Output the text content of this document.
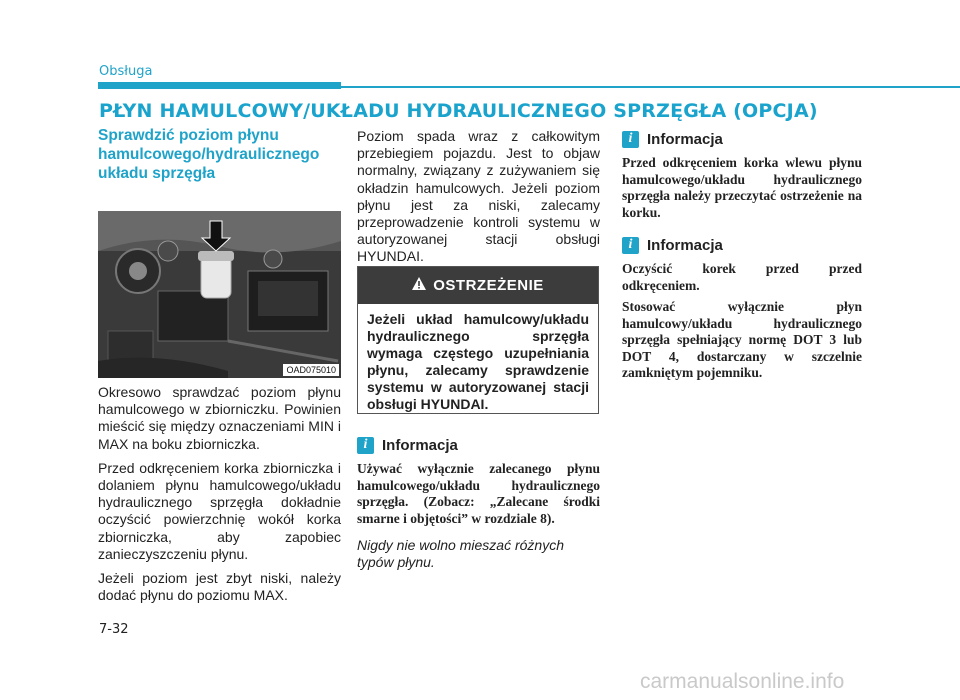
Obsługa
PŁYN HAMULCOWY/UKŁADU HYDRAULICZNEGO SPRZĘGŁA (OPCJA)
Sprawdzić poziom płynu hamulcowego/hydraulicznego układu sprzęgła
OAD075010

Okresowo sprawdzać poziom płynu hamulcowego w zbiorniczku. Powinien mieścić się między oznaczeniami MIN i MAX na boku zbiorniczka.

Przed odkręceniem korka zbiorniczka i dolaniem płynu hamulcowego/układu hydraulicznego sprzęgła dokładnie oczyścić powierzchnię wokół korka zbiorniczka, aby zapobiec zanieczyszczeniu płynu.

Jeżeli poziom jest zbyt niski, należy dodać płynu do poziomu MAX.

Poziom spada wraz z całkowitym przebiegiem pojazdu. Jest to objaw normalny, związany z zużywaniem się okładzin hamulcowych. Jeżeli poziom płynu jest za niski, zalecamy przeprowadzenie kontroli systemu w autoryzowanej stacji obsługi HYUNDAI.

OSTRZEŻENIE
Jeżeli układ hamulcowy/układu hydraulicznego sprzęgła wymaga częstego uzupełniania płynu, zalecamy sprawdzenie systemu w autoryzowanej stacji obsługi HYUNDAI.
i Informacja

Używać wyłącznie zalecanego płynu hamulcowego/układu hydraulicznego sprzęgła. (Zobacz: „Zalecane środki smarne i objętości” w rozdziale 8).

Nigdy nie wolno mieszać różnych typów płynu.
i Informacja

Przed odkręceniem korka wlewu płynu hamulcowego/układu hydraulicznego sprzęgła należy przeczytać ostrzeżenie na korku.

i Informacja

Oczyścić korek przed przed odkręceniem.

Stosować wyłącznie płyn hamulcowy/układu hydraulicznego sprzęgła spełniający normę DOT 3 lub DOT 4, dostarczany w szczelnie zamkniętym pojemniku.

7-32
carmanualsonline.info
